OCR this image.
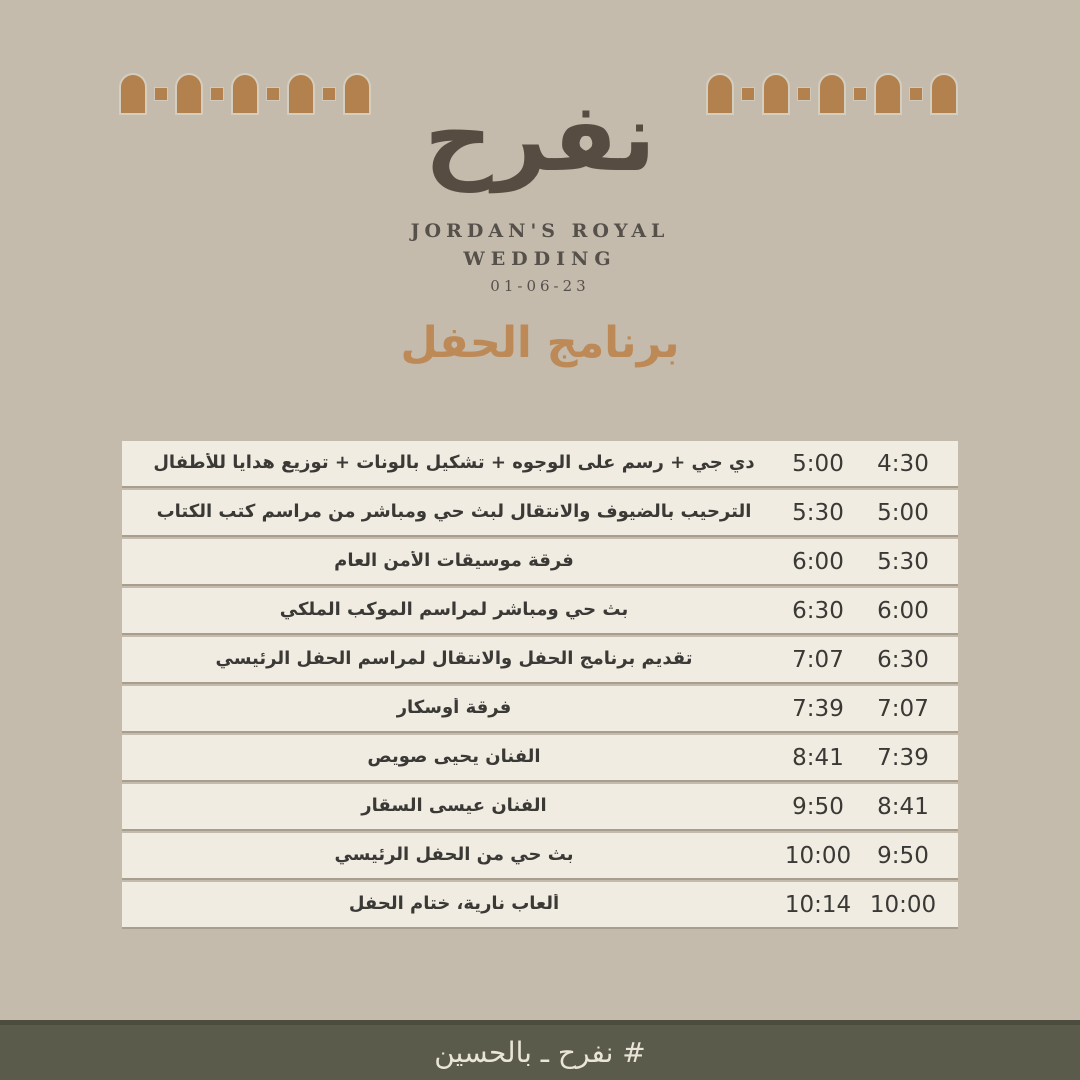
نفرح
JORDAN'S ROYAL
WEDDING
01-06-23
برنامج الحفل
4:30
5:00
دي جي + رسم على الوجوه + تشكيل بالونات + توزيع هدايا للأطفال
5:00
5:30
الترحيب بالضيوف والانتقال لبث حي ومباشر من مراسم كتب الكتاب
5:30
6:00
فرقة موسيقات الأمن العام
6:00
6:30
بث حي ومباشر لمراسم الموكب الملكي
6:30
7:07
تقديم برنامج الحفل والانتقال لمراسم الحفل الرئيسي
7:07
7:39
فرقة أوسكار
7:39
8:41
الفنان يحيى صويص
8:41
9:50
الفنان عيسى السقار
9:50
10:00
بث حي من الحفل الرئيسي
10:00
10:14
ألعاب نارية، ختام الحفل
# نفرح ـ بالحسين
